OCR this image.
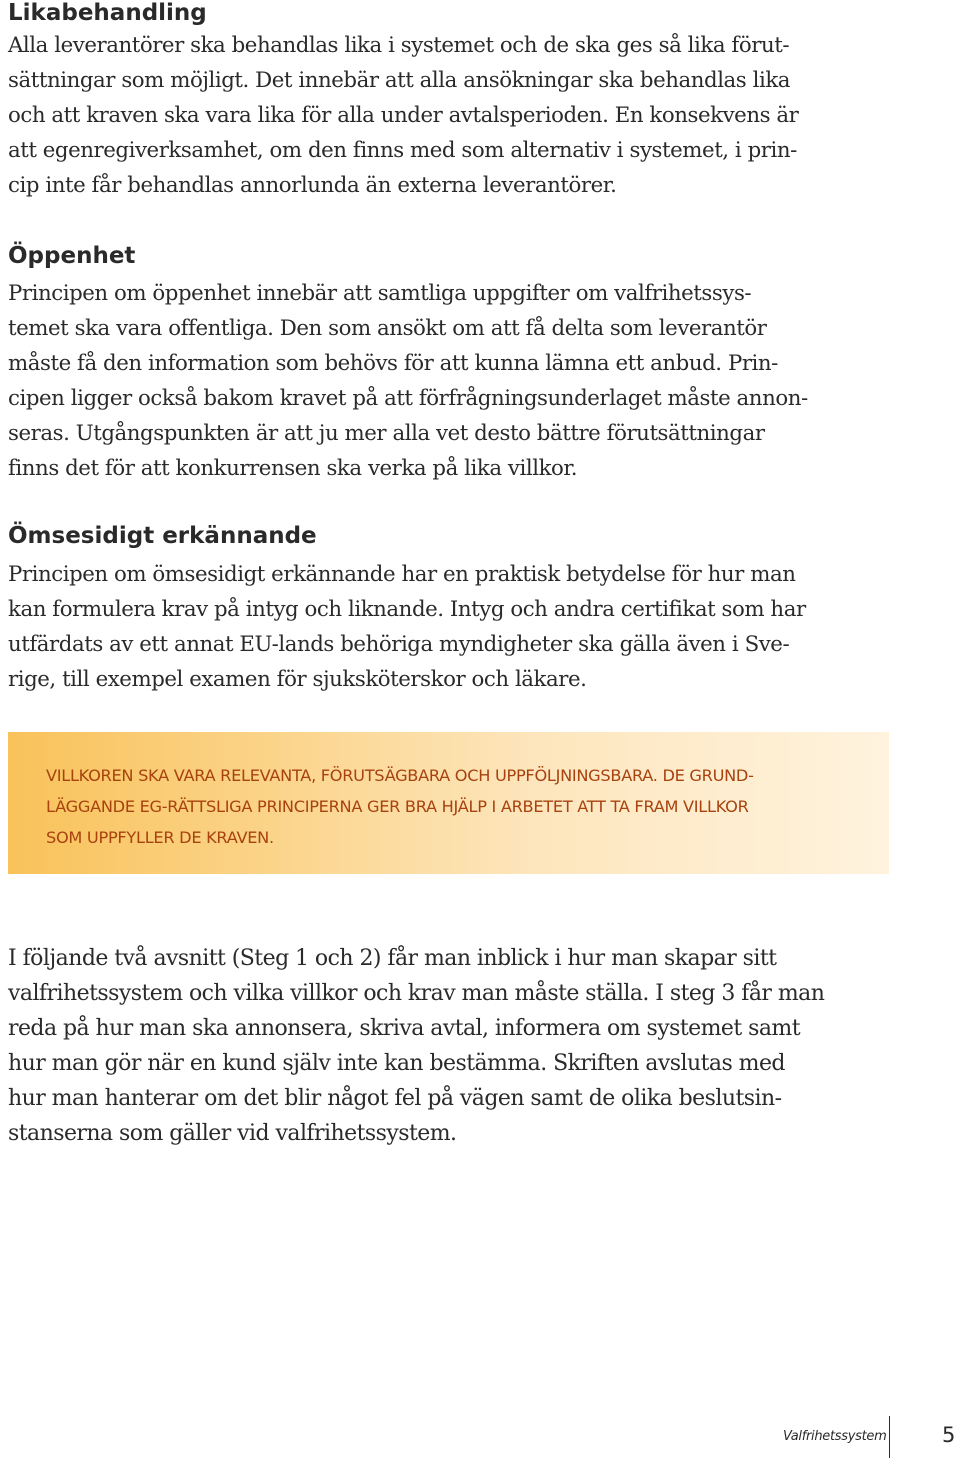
Likabehandling

Alla leverantörer ska behandlas lika i systemet och de ska ges så lika förut-
sättningar som möjligt. Det innebär att alla ansökningar ska behandlas lika
och att kraven ska vara lika för alla under avtalsperioden. En konsekvens är
att egenregiverksamhet, om den finns med som alternativ i systemet, i prin-
cip inte får behandlas annorlunda än externa leverantörer.

Öppenhet

Principen om öppenhet innebär att samtliga uppgifter om valfrihetssys-
temet ska vara offentliga. Den som ansökt om att få delta som leverantör
måste få den information som behövs för att kunna lämna ett anbud. Prin-
cipen ligger också bakom kravet på att förfrågningsunderlaget måste annon-
seras. Utgångspunkten är att ju mer alla vet desto bättre förutsättningar
finns det för att konkurrensen ska verka på lika villkor.

Ömsesidigt erkännande

Principen om ömsesidigt erkännande har en praktisk betydelse för hur man
kan formulera krav på intyg och liknande. Intyg och andra certifikat som har
utfärdats av ett annat EU-lands behöriga myndigheter ska gälla även i Sve-
rige, till exempel examen för sjuksköterskor och läkare.

I följande två avsnitt (Steg 1 och 2) får man inblick i hur man skapar sitt
valfrihetssystem och vilka villkor och krav man måste ställa. I steg 3 får man
reda på hur man ska annonsera, skriva avtal, informera om systemet samt
hur man gör när en kund själv inte kan bestämma. Skriften avslutas med
hur man hanterar om det blir något fel på vägen samt de olika beslutsin-
stanserna som gäller vid valfrihetssystem.

VILLKOREN SKA VARA RELEVANTA, FÖRUTSÄGBARA OCH UPPFÖLJNINGSBARA. DE GRUND-
LÄGGANDE EG-RÄTTSLIGA PRINCIPERNA GER BRA HJÄLP I ARBETET ATT TA FRAM VILLKOR
SOM UPPFYLLER DE KRAVEN.

Valfrihetssystem	5
